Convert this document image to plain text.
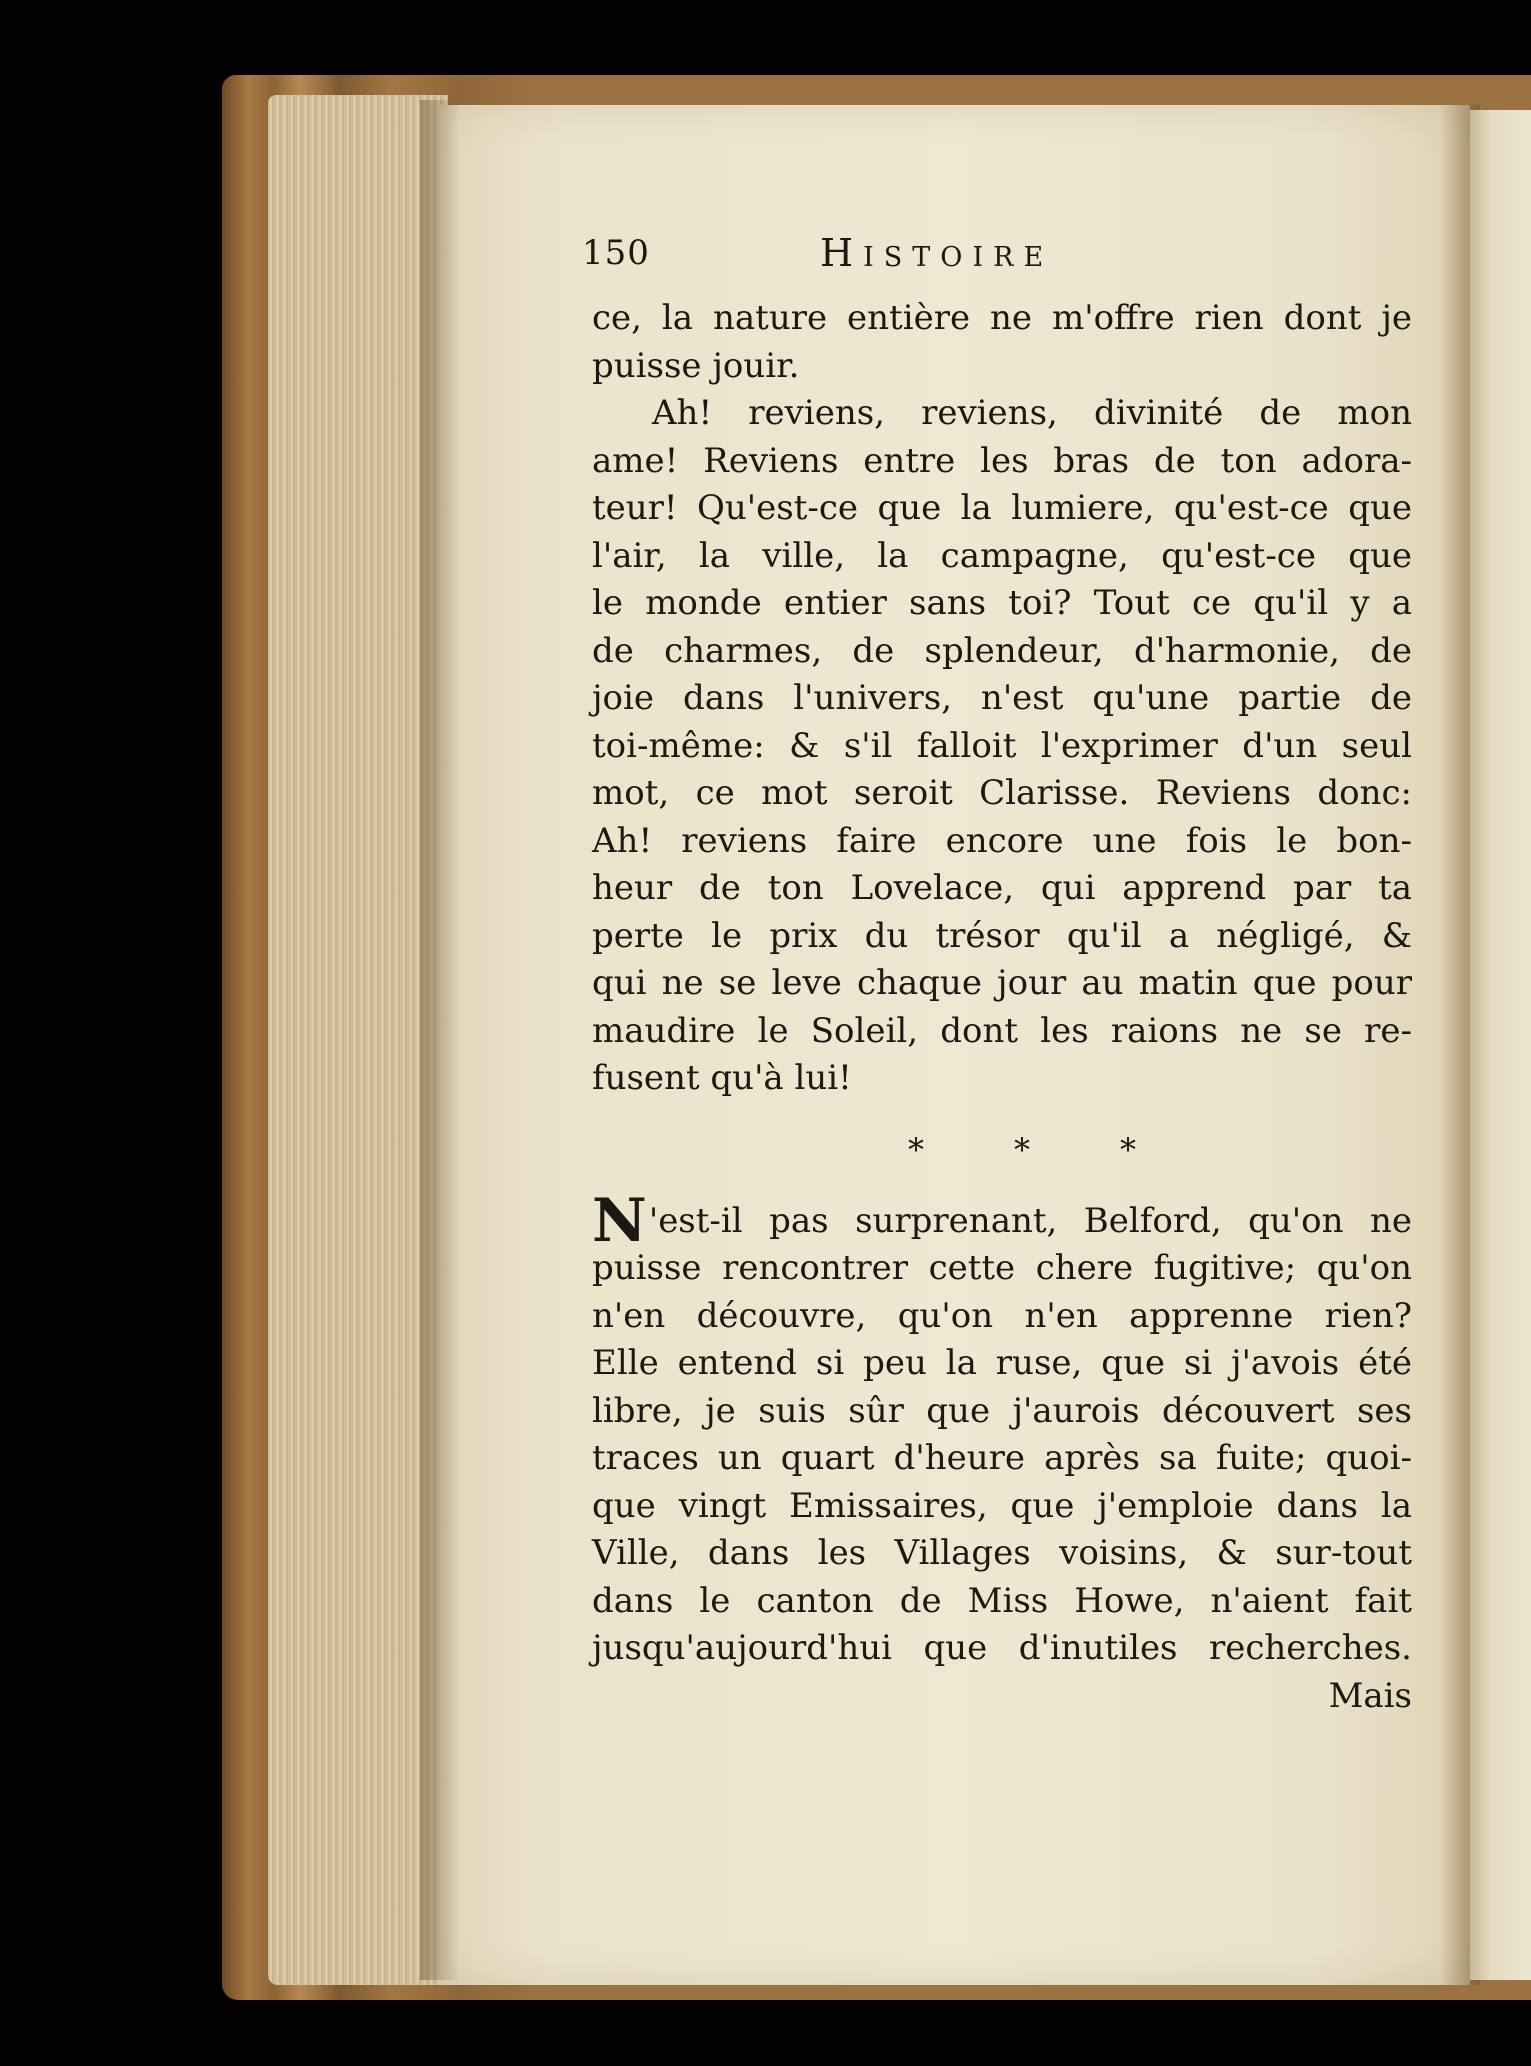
150	Histoire
ce, la nature entière ne m'offre rien dont je
puisse jouir.
Ah! reviens, reviens, divinité de mon
ame! Reviens entre les bras de ton adora-
teur! Qu'est-ce que la lumiere, qu'est-ce que
l'air, la ville, la campagne, qu'est-ce que
le monde entier sans toi? Tout ce qu'il y a
de charmes, de splendeur, d'harmonie, de
joie dans l'univers, n'est qu'une partie de
toi-même: & s'il falloit l'exprimer d'un seul
mot, ce mot seroit Clarisse. Reviens donc:
Ah! reviens faire encore une fois le bon-
heur de ton Lovelace, qui apprend par ta
perte le prix du trésor qu'il a négligé, &
qui ne se leve chaque jour au matin que pour
maudire le Soleil, dont les raions ne se re-
fusent qu'à lui!
*	*	*
N 'est-il pas surprenant, Belford, qu'on ne
puisse rencontrer cette chere fugitive; qu'on
n'en découvre, qu'on n'en apprenne rien?
Elle entend si peu la ruse, que si j'avois été
libre, je suis sûr que j'aurois découvert ses
traces un quart d'heure après sa fuite; quoi-
que vingt Emissaires, que j'emploie dans la
Ville, dans les Villages voisins, & sur-tout
dans le canton de Miss Howe, n'aient fait
jusqu'aujourd'hui que d'inutiles recherches.
Mais
